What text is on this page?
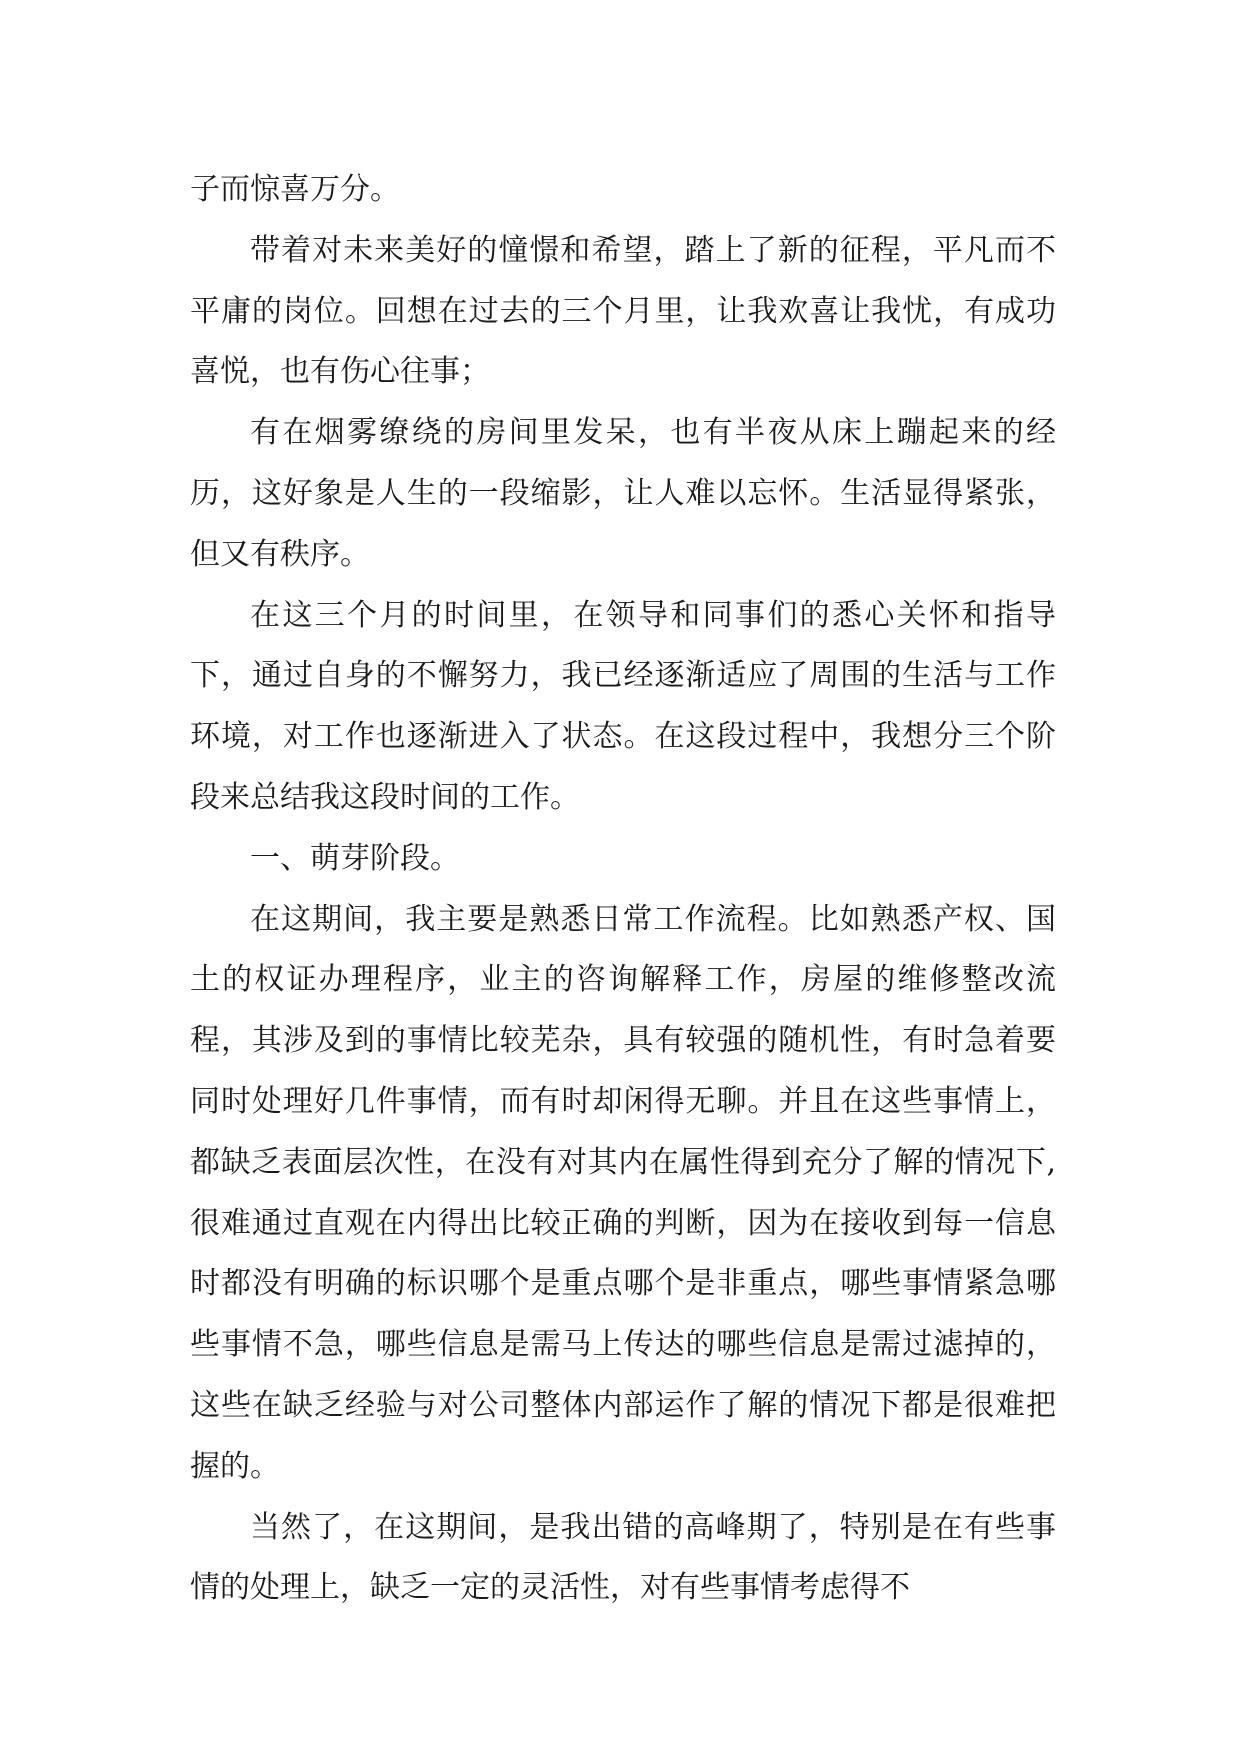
子而惊喜万分。

带着对未来美好的憧憬和希望，踏上了新的征程，平凡而不平庸的岗位。回想在过去的三个月里，让我欢喜让我忧，有成功喜悦，也有伤心往事；

有在烟雾缭绕的房间里发呆，也有半夜从床上蹦起来的经历，这好象是人生的一段缩影，让人难以忘怀。生活显得紧张，但又有秩序。

在这三个月的时间里，在领导和同事们的悉心关怀和指导下，通过自身的不懈努力，我已经逐渐适应了周围的生活与工作环境，对工作也逐渐进入了状态。在这段过程中，我想分三个阶段来总结我这段时间的工作。

一、萌芽阶段。

在这期间，我主要是熟悉日常工作流程。比如熟悉产权、国土的权证办理程序，业主的咨询解释工作，房屋的维修整改流程，其涉及到的事情比较芜杂，具有较强的随机性，有时急着要同时处理好几件事情，而有时却闲得无聊。并且在这些事情上，都缺乏表面层次性，在没有对其内在属性得到充分了解的情况下,很难通过直观在内得出比较正确的判断，因为在接收到每一信息时都没有明确的标识哪个是重点哪个是非重点，哪些事情紧急哪些事情不急，哪些信息是需马上传达的哪些信息是需过滤掉的，这些在缺乏经验与对公司整体内部运作了解的情况下都是很难把握的。

当然了，在这期间，是我出错的高峰期了，特别是在有些事情的处理上，缺乏一定的灵活性，对有些事情考虑得不
